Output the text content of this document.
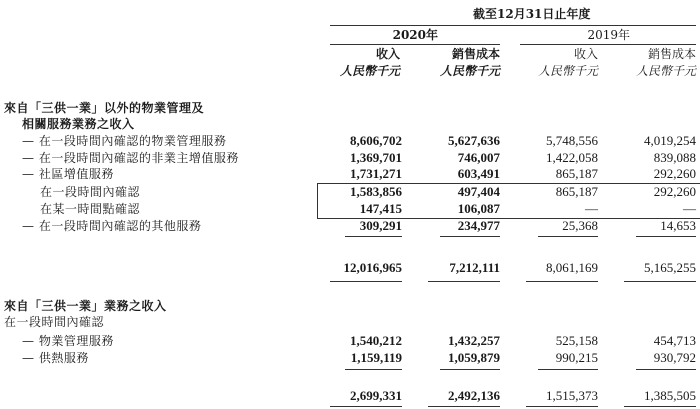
截至12月31日止年度
2020年	2019年
收入	銷售成本	收入	銷售成本
人民幣千元	人民幣千元	人民幣千元	人民幣千元
來自「三供一業」以外的物業管理及
相關服務業務之收入
— 在一段時間內確認的物業管理服務	8,606,702	5,627,636	5,748,556	4,019,254
— 在一段時間內確認的非業主增值服務	1,369,701	746,007	1,422,058	839,088
— 社區增值服務	1,731,271	603,491	865,187	292,260
在一段時間內確認	1,583,856	497,404	865,187	292,260
在某一時間點確認	147,415	106,087	—	—
— 在一段時間內確認的其他服務	309,291	234,977	25,368	14,653
12,016,965	7,212,111	8,061,169	5,165,255
來自「三供一業」業務之收入
在一段時間內確認
— 物業管理服務	1,540,212	1,432,257	525,158	454,713
— 供熱服務	1,159,119	1,059,879	990,215	930,792
2,699,331	2,492,136	1,515,373	1,385,505
